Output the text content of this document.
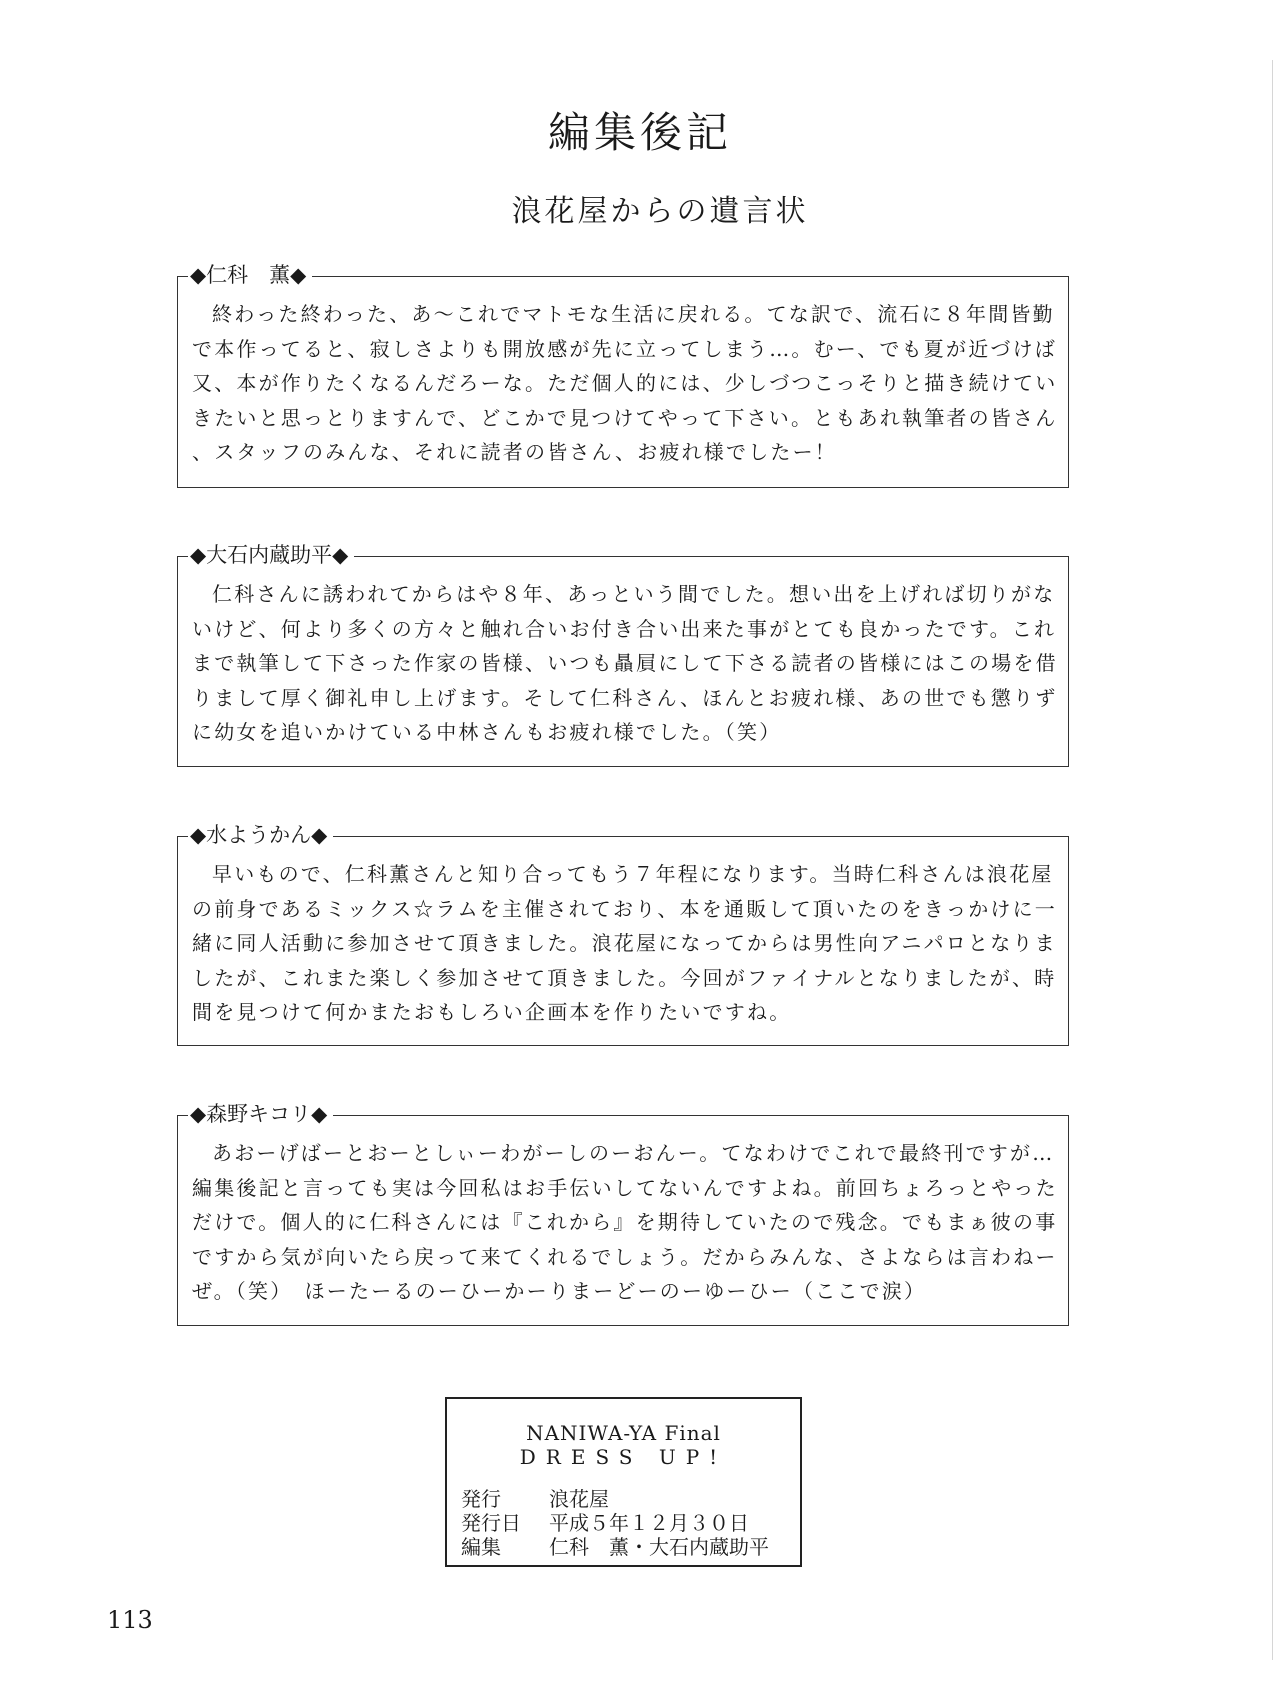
編集後記
浪花屋からの遺言状
◆仁科　薫◆
終わった終わった、あ〜これでマトモな生活に戻れる。てな訳で、流石に８年間皆勤
で本作ってると、寂しさよりも開放感が先に立ってしまう…。むー、でも夏が近づけば
又、本が作りたくなるんだろーな。ただ個人的には、少しづつこっそりと描き続けてい
きたいと思っとりますんで、どこかで見つけてやって下さい。ともあれ執筆者の皆さん
、スタッフのみんな、それに読者の皆さん、お疲れ様でしたー！
◆大石内蔵助平◆
仁科さんに誘われてからはや８年、あっという間でした。想い出を上げれば切りがな
いけど、何より多くの方々と触れ合いお付き合い出来た事がとても良かったです。これ
まで執筆して下さった作家の皆様、いつも贔屓にして下さる読者の皆様にはこの場を借
りまして厚く御礼申し上げます。そして仁科さん、ほんとお疲れ様、あの世でも懲りず
に幼女を追いかけている中林さんもお疲れ様でした。（笑）
◆水ようかん◆
早いもので、仁科薫さんと知り合ってもう７年程になります。当時仁科さんは浪花屋
の前身であるミックス☆ラムを主催されており、本を通販して頂いたのをきっかけに一
緒に同人活動に参加させて頂きました。浪花屋になってからは男性向アニパロとなりま
したが、これまた楽しく参加させて頂きました。今回がファイナルとなりましたが、時
間を見つけて何かまたおもしろい企画本を作りたいですね。
◆森野キコリ◆
あおーげばーとおーとしぃーわがーしのーおんー。てなわけでこれで最終刊ですが…
編集後記と言っても実は今回私はお手伝いしてないんですよね。前回ちょろっとやった
だけで。個人的に仁科さんには『これから』を期待していたので残念。でもまぁ彼の事
ですから気が向いたら戻って来てくれるでしょう。だからみんな、さよならは言わねー
ぜ。（笑）　ほーたーるのーひーかーりまーどーのーゆーひー（ここで涙）
NANIWA-YA Final
DRESS UP!
発行	浪花屋
発行日	平成５年１２月３０日
編集	仁科　薫・大石内蔵助平
113
